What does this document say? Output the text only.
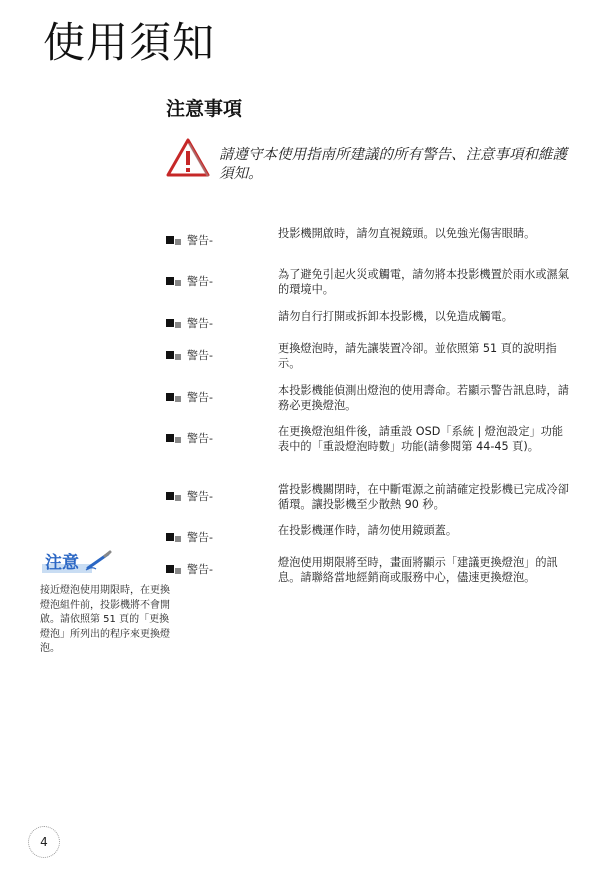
使用須知
注意事項
請遵守本使用指南所建議的所有警告、注意事項和維護須知。
警告-
投影機開啟時，請勿直視鏡頭。以免強光傷害眼睛。
警告-
為了避免引起火災或觸電，請勿將本投影機置於雨水或濕氣的環境中。
警告-
請勿自行打開或拆卸本投影機，以免造成觸電。
警告-
更換燈泡時，請先讓裝置冷卻。並依照第 51 頁的說明指示。
警告-
本投影機能偵測出燈泡的使用壽命。若顯示警告訊息時，請務必更換燈泡。
警告-
在更換燈泡組件後，請重設 OSD「系統 | 燈泡設定」功能表中的「重設燈泡時數」功能(請參閱第 44-45 頁)。
警告-
當投影機關閉時，在中斷電源之前請確定投影機已完成冷卻循環。讓投影機至少散熱 90 秒。
警告-
在投影機運作時，請勿使用鏡頭蓋。
警告-
燈泡使用期限將至時，畫面將顯示「建議更換燈泡」的訊息。請聯絡當地經銷商或服務中心，儘速更換燈泡。
注意
接近燈泡使用期限時，在更換燈泡組件前，投影機將不會開啟。請依照第 51 頁的「更換燈泡」所列出的程序來更換燈泡。
4
